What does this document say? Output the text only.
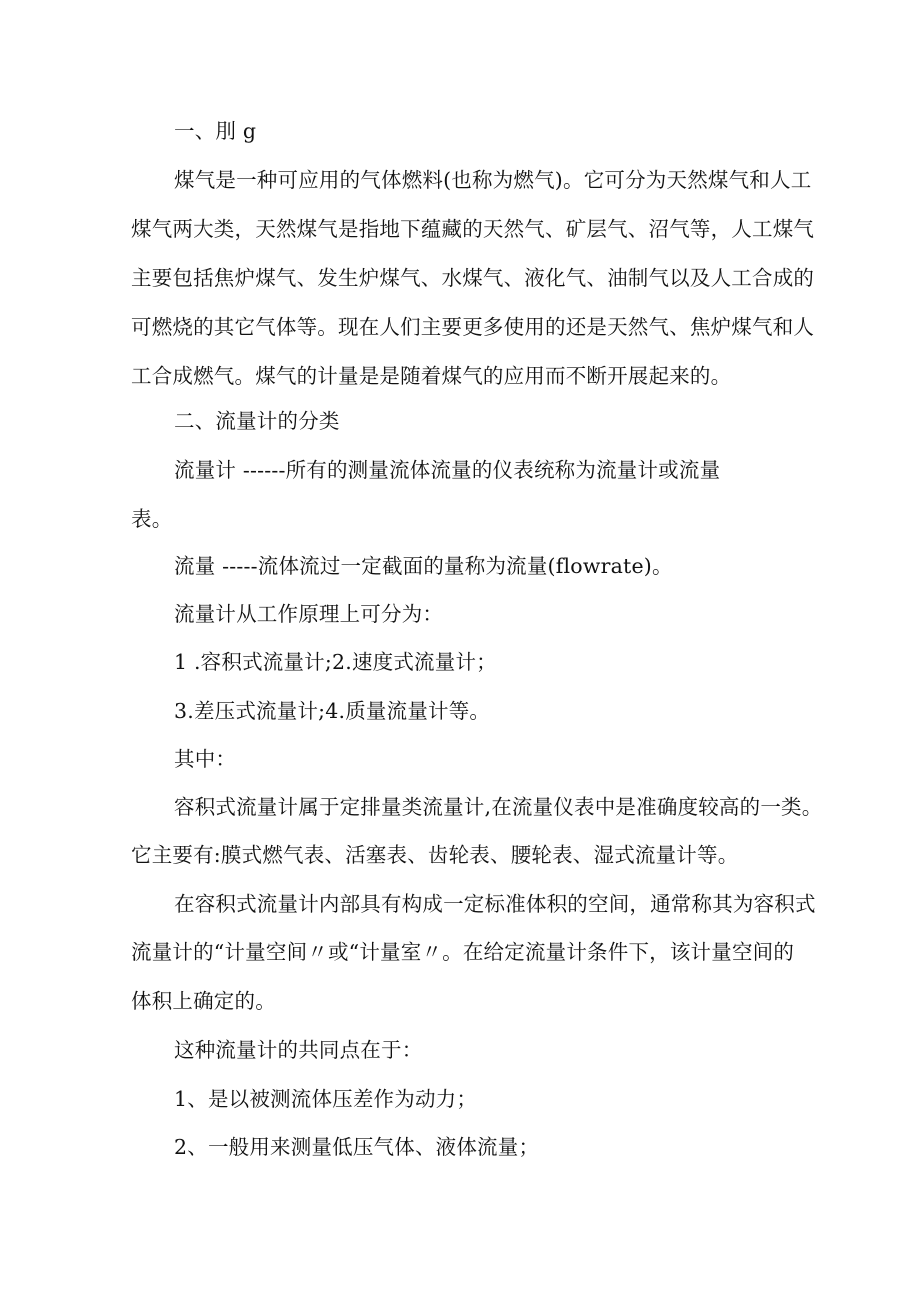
一、刖 g
煤气是一种可应用的气体燃料(也称为燃气)。它可分为天然煤气和人工
煤气两大类，天然煤气是指地下蕴藏的天然气、矿层气、沼气等，人工煤气
主要包括焦炉煤气、发生炉煤气、水煤气、液化气、油制气以及人工合成的
可燃烧的其它气体等。现在人们主要更多使用的还是天然气、焦炉煤气和人
工合成燃气。煤气的计量是是随着煤气的应用而不断开展起来的。
二、流量计的分类
流量计 ------所有的测量流体流量的仪表统称为流量计或流量
表。
流量 -----流体流过一定截面的量称为流量(flowrate)。
流量计从工作原理上可分为：
1 .容积式流量计;2.速度式流量计；
3.差压式流量计;4.质量流量计等。
其中：
容积式流量计属于定排量类流量计,在流量仪表中是准确度较高的一类。
它主要有:膜式燃气表、活塞表、齿轮表、腰轮表、湿式流量计等。
在容积式流量计内部具有构成一定标准体积的空间，通常称其为容积式
流量计的“计量空间〃或“计量室〃。在给定流量计条件下，该计量空间的
体积上确定的。
这种流量计的共同点在于：
1、是以被测流体压差作为动力；
2、一般用来测量低压气体、液体流量；
